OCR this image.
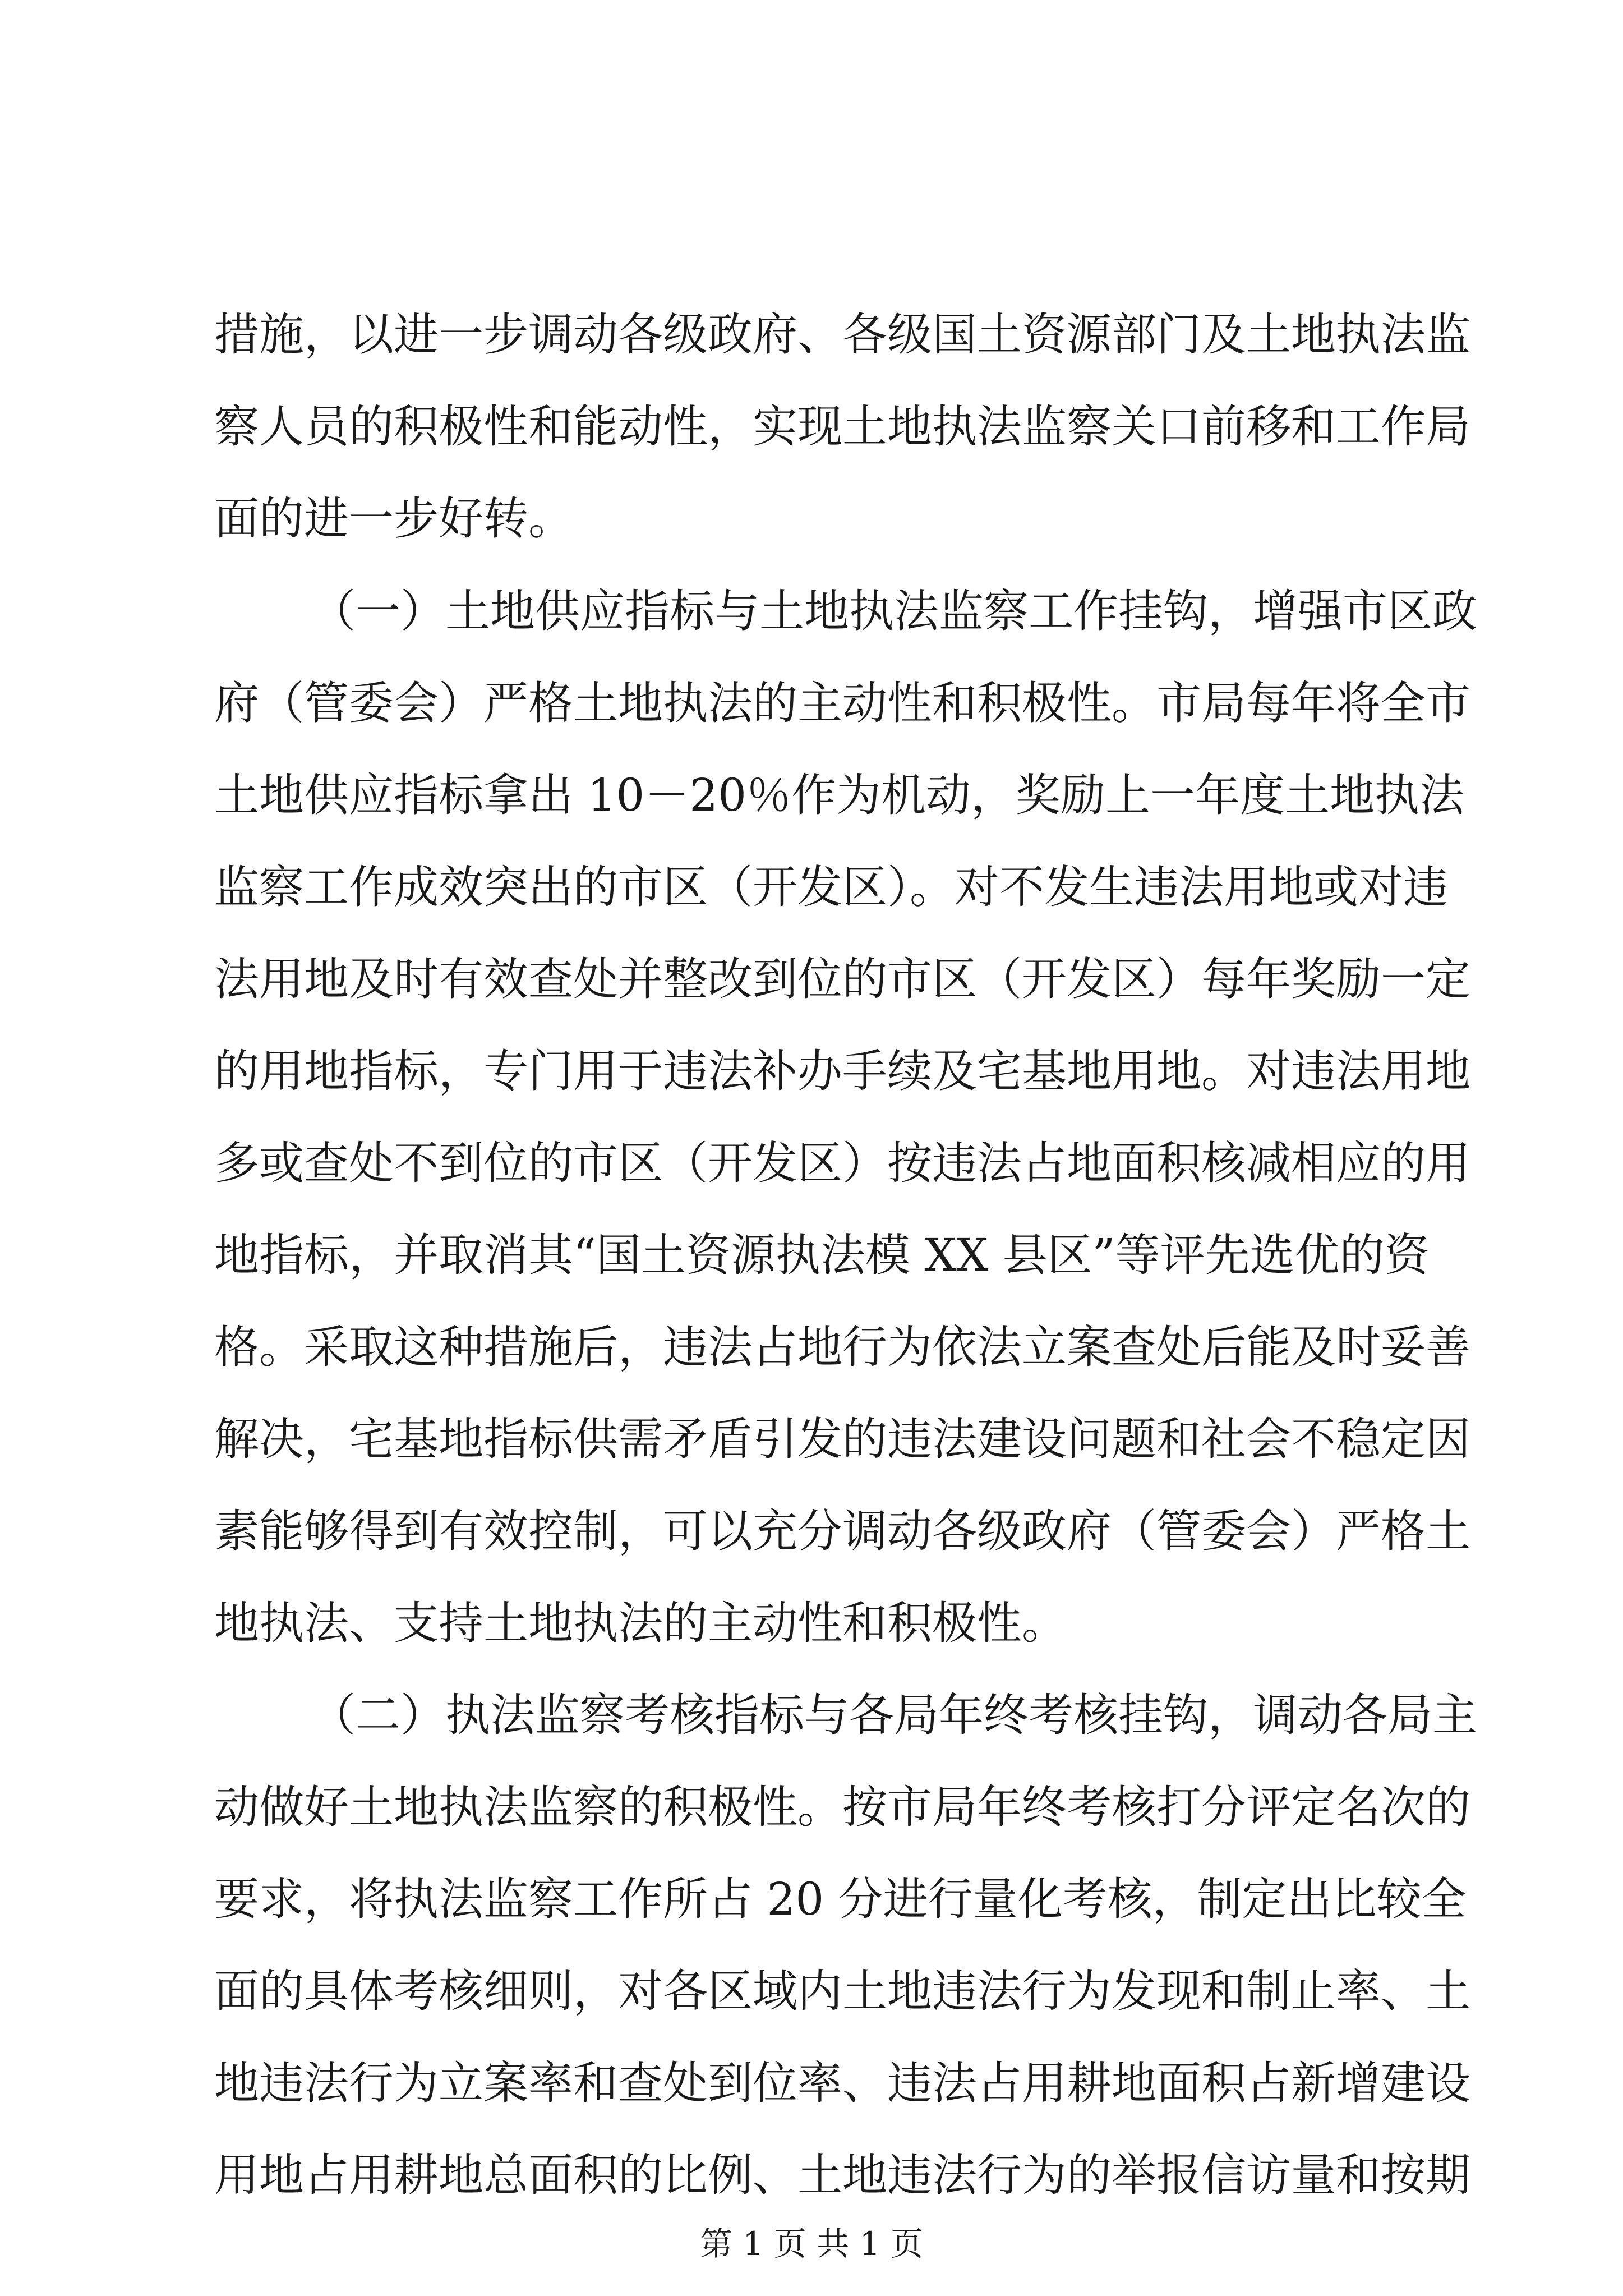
措施，以进一步调动各级政府、各级国土资源部门及土地执法监
察人员的积极性和能动性，实现土地执法监察关口前移和工作局
面的进一步好转。
（一）土地供应指标与土地执法监察工作挂钩，增强市区政
府（管委会）严格土地执法的主动性和积极性。市局每年将全市
土地供应指标拿出 10－20％作为机动，奖励上一年度土地执法
监察工作成效突出的市区（开发区）。对不发生违法用地或对违
法用地及时有效查处并整改到位的市区（开发区）每年奖励一定
的用地指标，专门用于违法补办手续及宅基地用地。对违法用地
多或查处不到位的市区（开发区）按违法占地面积核减相应的用
地指标，并取消其“国土资源执法模 XX 县区”等评先选优的资
格。采取这种措施后，违法占地行为依法立案查处后能及时妥善
解决，宅基地指标供需矛盾引发的违法建设问题和社会不稳定因
素能够得到有效控制，可以充分调动各级政府（管委会）严格土
地执法、支持土地执法的主动性和积极性。
（二）执法监察考核指标与各局年终考核挂钩，调动各局主
动做好土地执法监察的积极性。按市局年终考核打分评定名次的
要求，将执法监察工作所占 20 分进行量化考核，制定出比较全
面的具体考核细则，对各区域内土地违法行为发现和制止率、土
地违法行为立案率和查处到位率、违法占用耕地面积占新增建设
用地占用耕地总面积的比例、土地违法行为的举报信访量和按期
第 1 页 共 1 页
